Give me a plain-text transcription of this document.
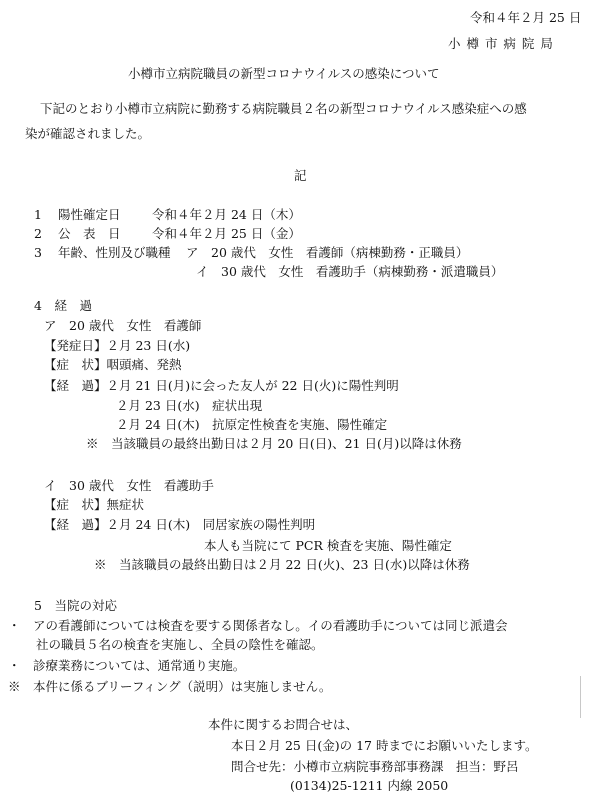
令和４年２月 25 日
小 樽 市 病 院 局
小樽市立病院職員の新型コロナウイルスの感染について
下記のとおり小樽市立病院に勤務する病院職員２名の新型コロナウイルス感染症への感
染が確認されました。
記
1 陽性確定日	令和４年２月 24 日（木）
2 公　表　日	令和４年２月 25 日（金）
3 年齢、性別及び職種 ア　20 歳代　女性　看護師（病棟勤務・正職員）
イ　30 歳代　女性　看護助手（病棟勤務・派遣職員）
4　経　過
ア　20 歳代　女性　看護師
【発症日】２月 23 日(水)
【症　状】咽頭痛、発熱
【経　過】２月 21 日(月)に会った友人が 22 日(火)に陽性判明
２月 23 日(水)　症状出現
２月 24 日(木)　抗原定性検査を実施、陽性確定
※　当該職員の最終出勤日は２月 20 日(日)、21 日(月)以降は休務
イ　30 歳代　女性　看護助手
【症　状】無症状
【経　過】２月 24 日(木)　同居家族の陽性判明
本人も当院にて PCR 検査を実施、陽性確定
※　当該職員の最終出勤日は２月 22 日(火)、23 日(水)以降は休務
5　当院の対応
・　アの看護師については検査を要する関係者なし。イの看護助手については同じ派遣会
社の職員５名の検査を実施し、全員の陰性を確認。
・　診療業務については、通常通り実施。
※　本件に係るブリーフィング（説明）は実施しません。
本件に関するお問合せは、
本日２月 25 日(金)の 17 時までにお願いいたします。
問合せ先：小樽市立病院事務部事務課　担当：野呂
(0134)25-1211 内線 2050
